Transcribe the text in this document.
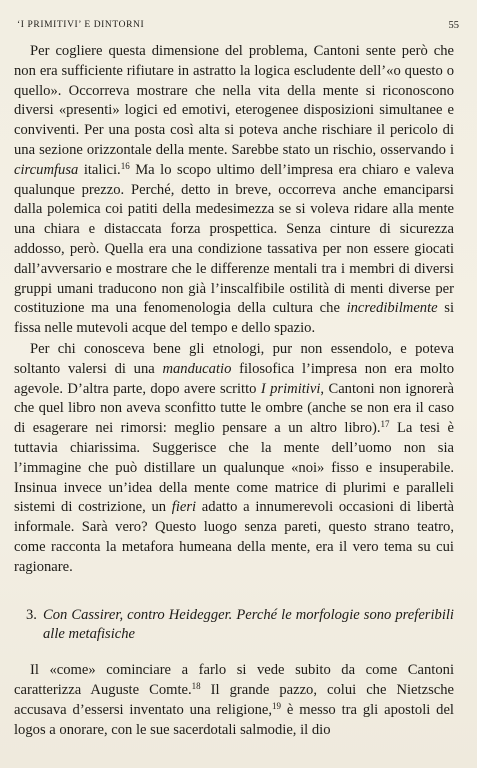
‘I PRIMITIVI’ E DINTORNI	55

Per cogliere questa dimensione del problema, Cantoni sente però che non era sufficiente rifiutare in astratto la logica escludente dell’«o questo o quello». Occorreva mostrare che nella vita della mente si riconoscono diversi «presenti» logici ed emotivi, eterogenee disposizioni simultanee e conviventi. Per una posta così alta si poteva anche rischiare il pericolo di una sezione orizzontale della mente. Sarebbe stato un rischio, osservando i circumfusa italici.$^{16}$ Ma lo scopo ultimo dell’impresa era chiaro e valeva qualunque prezzo. Perché, detto in breve, occorreva anche emanciparsi dalla polemica coi patiti della medesimezza se si voleva ridare alla mente una chiara e distaccata forza prospettica. Senza cinture di sicurezza addosso, però. Quella era una condizione tassativa per non essere giocati dall’avversario e mostrare che le differenze mentali tra i membri di diversi gruppi umani traducono non già l’inscalfibile ostilità di menti diverse per costituzione ma una fenomenologia della cultura che incredibilmente si fissa nelle mutevoli acque del tempo e dello spazio.

Per chi conosceva bene gli etnologi, pur non essendolo, e poteva soltanto valersi di una manducatio filosofica l’impresa non era molto agevole. D’altra parte, dopo avere scritto I primitivi, Cantoni non ignorerà che quel libro non aveva sconfitto tutte le ombre (anche se non era il caso di esagerare nei rimorsi: meglio pensare a un altro libro).$^{17}$ La tesi è tuttavia chiarissima. Suggerisce che la mente dell’uomo non sia l’immagine che può distillare un qualunque «noi» fisso e insuperabile. Insinua invece un’idea della mente come matrice di plurimi e paralleli sistemi di costrizione, un fieri adatto a innumerevoli occasioni di libertà informale. Sarà vero? Questo luogo senza pareti, questo strano teatro, come racconta la metafora humeana della mente, era il vero tema su cui ragionare.

3. Con Cassirer, contro Heidegger. Perché le morfologie sono preferibili alle metafisiche

Il «come» cominciare a farlo si vede subito da come Cantoni caratterizza Auguste Comte.$^{18}$ Il grande pazzo, colui che Nietzsche accusava d’essersi inventato una religione,$^{19}$ è messo tra gli apostoli del logos a onorare, con le sue sacerdotali salmodie, il dio
